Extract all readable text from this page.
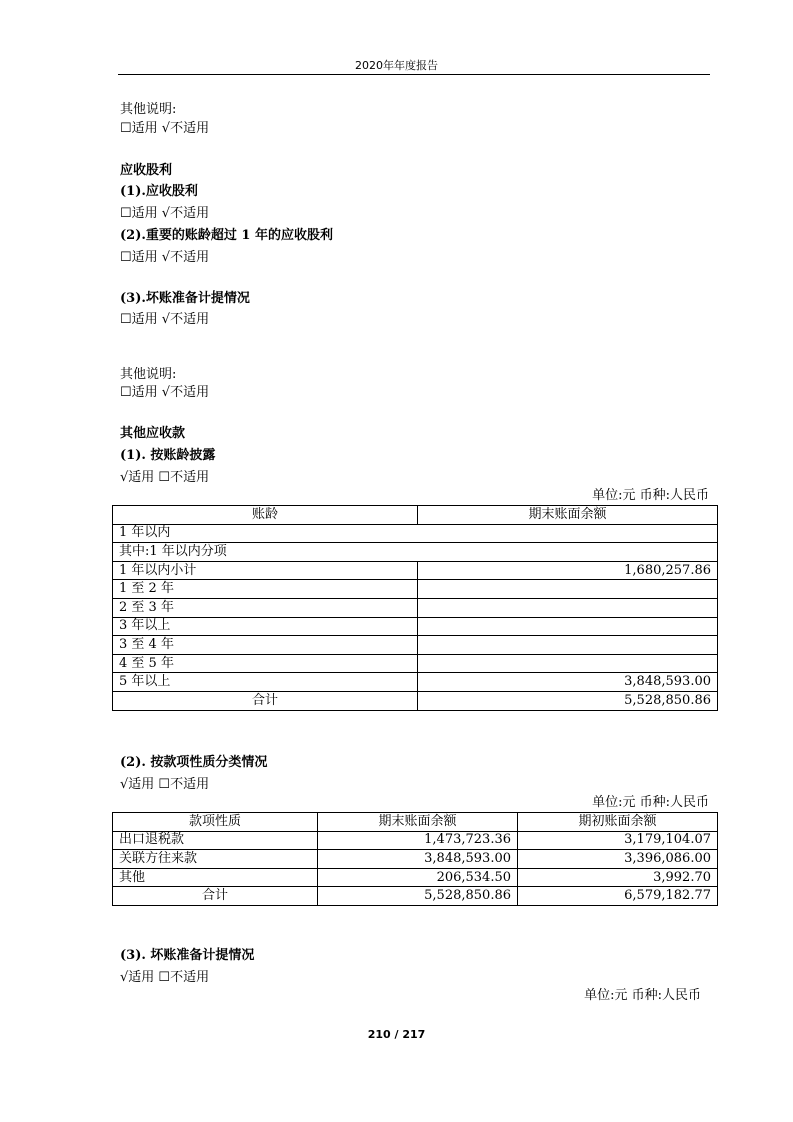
2020年年度报告
其他说明:
☐适用 √不适用
应收股利
(1).应收股利
☐适用 √不适用
(2).重要的账龄超过 1 年的应收股利
☐适用 √不适用
(3).坏账准备计提情况
☐适用 √不适用
其他说明:
☐适用 √不适用
其他应收款
(1). 按账龄披露
√适用 ☐不适用
单位:元 币种:人民币
账龄	期末账面余额
1 年以内	
其中:1 年以内分项	
1 年以内小计	1,680,257.86
1 至 2 年	
2 至 3 年	
3 年以上	
3 至 4 年	
4 至 5 年	
5 年以上	3,848,593.00
合计	5,528,850.86
(2). 按款项性质分类情况
√适用 ☐不适用
单位:元 币种:人民币
款项性质	期末账面余额	期初账面余额
出口退税款	1,473,723.36	3,179,104.07
关联方往来款	3,848,593.00	3,396,086.00
其他	206,534.50	3,992.70
合计	5,528,850.86	6,579,182.77
(3). 坏账准备计提情况
√适用 ☐不适用
单位:元 币种:人民币
210 / 217
